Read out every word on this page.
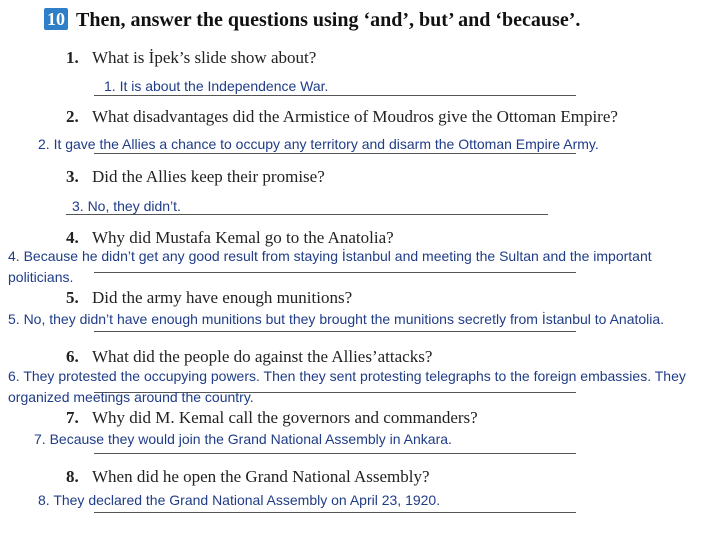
10 Then, answer the questions using ‘and’, but’ and ‘because’.
1. What is İpek’s slide show about?
1. It is about the Independence War.
2. What disadvantages did the Armistice of Moudros give the Ottoman Empire?
2. It gave the Allies a chance to occupy any territory and disarm the Ottoman Empire Army.
3. Did the Allies keep their promise?
3. No, they didn’t.
4. Why did Mustafa Kemal go to the Anatolia?
4. Because he didn’t get any good result from staying İstanbul and meeting the Sultan and the important politicians.
5. Did the army have enough munitions?
5. No, they didn’t have enough munitions but they brought the munitions secretly from İstanbul to Anatolia.
6. What did the people do against the Allies’attacks?
6. They protested the occupying powers. Then they sent protesting telegraphs to the foreign embassies. They organized meetings around the country.
7. Why did M. Kemal call the governors and commanders?
7. Because they would join the Grand National Assembly in Ankara.
8. When did he open the Grand National Assembly?
8. They declared the Grand National Assembly on April 23, 1920.
